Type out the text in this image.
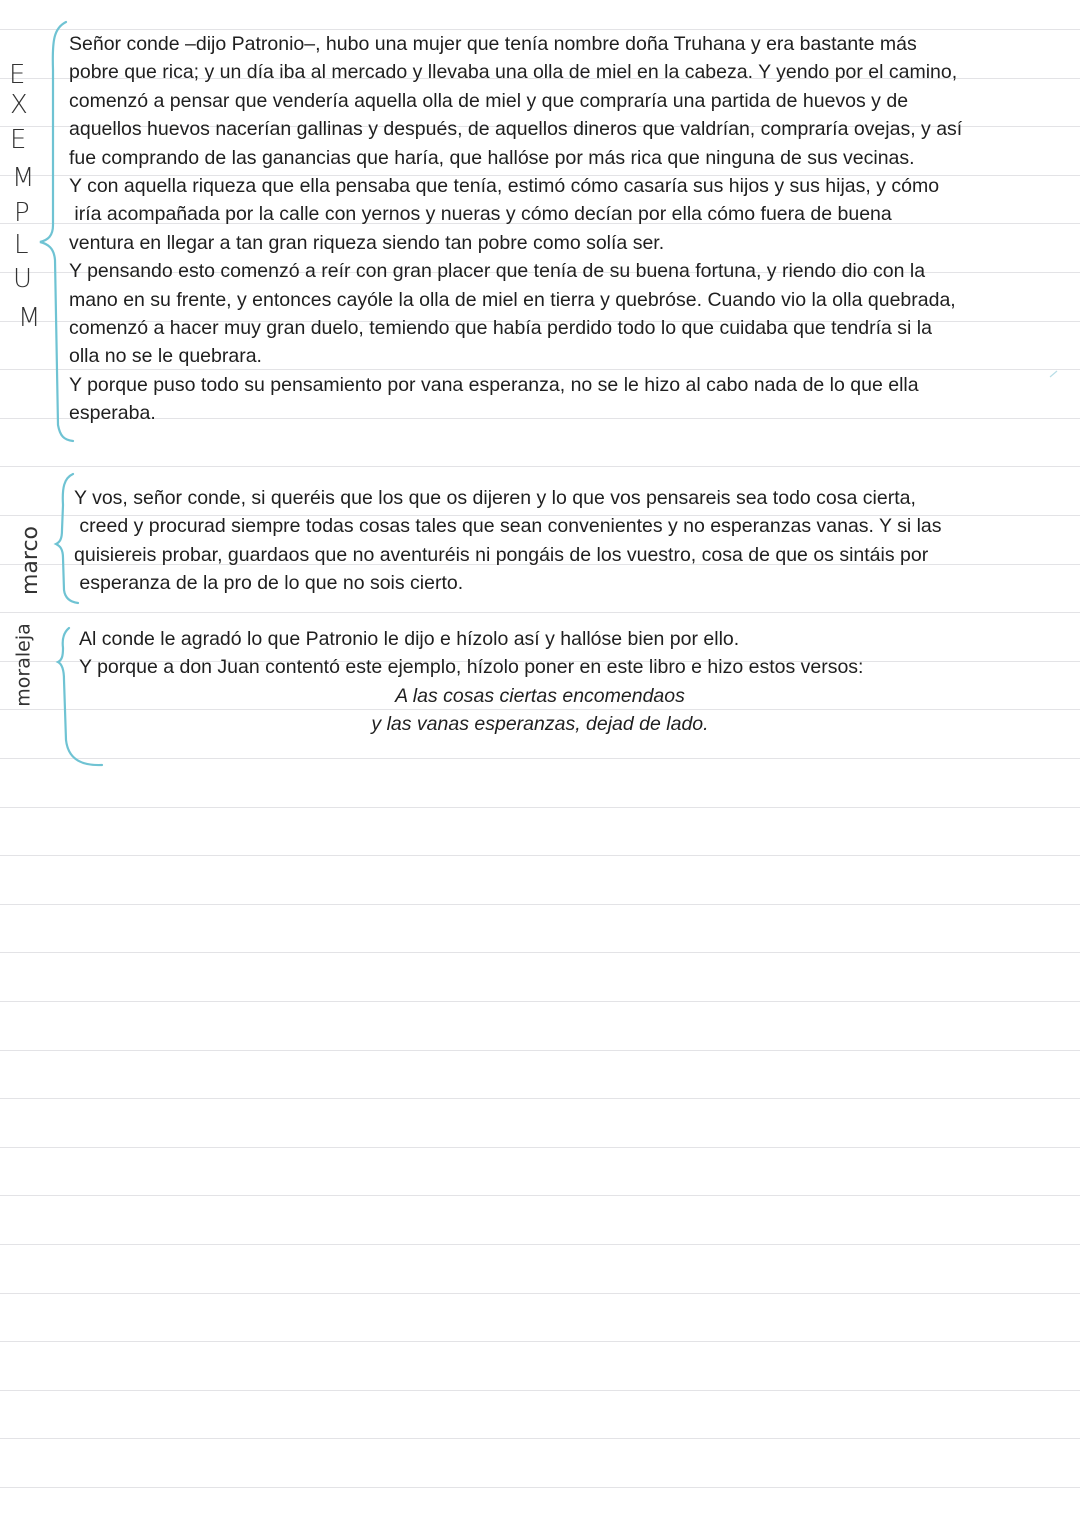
E
X
E
M
P
L
U
M

Señor conde –dijo Patronio–, hubo una mujer que tenía nombre doña Truhana y era bastante más

pobre que rica; y un día iba al mercado y llevaba una olla de miel en la cabeza. Y yendo por el camino,

comenzó a pensar que vendería aquella olla de miel y que compraría una partida de huevos y de

aquellos huevos nacerían gallinas y después, de aquellos dineros que valdrían, compraría ovejas, y así

fue comprando de las ganancias que haría, que hallóse por más rica que ninguna de sus vecinas.

Y con aquella riqueza que ella pensaba que tenía, estimó cómo casaría sus hijos y sus hijas, y cómo

iría acompañada por la calle con yernos y nueras y cómo decían por ella cómo fuera de buena

ventura en llegar a tan gran riqueza siendo tan pobre como solía ser.

Y pensando esto comenzó a reír con gran placer que tenía de su buena fortuna, y riendo dio con la

mano en su frente, y entonces cayóle la olla de miel en tierra y quebróse. Cuando vio la olla quebrada,

comenzó a hacer muy gran duelo, temiendo que había perdido todo lo que cuidaba que tendría si la

olla no se le quebrara.

Y porque puso todo su pensamiento por vana esperanza, no se le hizo al cabo nada de lo que ella

esperaba.

marco

Y vos, señor conde, si queréis que los que os dijeren y lo que vos pensareis sea todo cosa cierta,

creed y procurad siempre todas cosas tales que sean convenientes y no esperanzas vanas. Y si las

quisiereis probar, guardaos que no aventuréis ni pongáis de los vuestro, cosa de que os sintáis por

esperanza de la pro de lo que no sois cierto.

moraleja Al conde le agradó lo que Patronio le dijo e hízolo así y hallóse bien por ello.

Y porque a don Juan contentó este ejemplo, hízolo poner en este libro e hizo estos versos:

A las cosas ciertas encomendaos

y las vanas esperanzas, dejad de lado.
